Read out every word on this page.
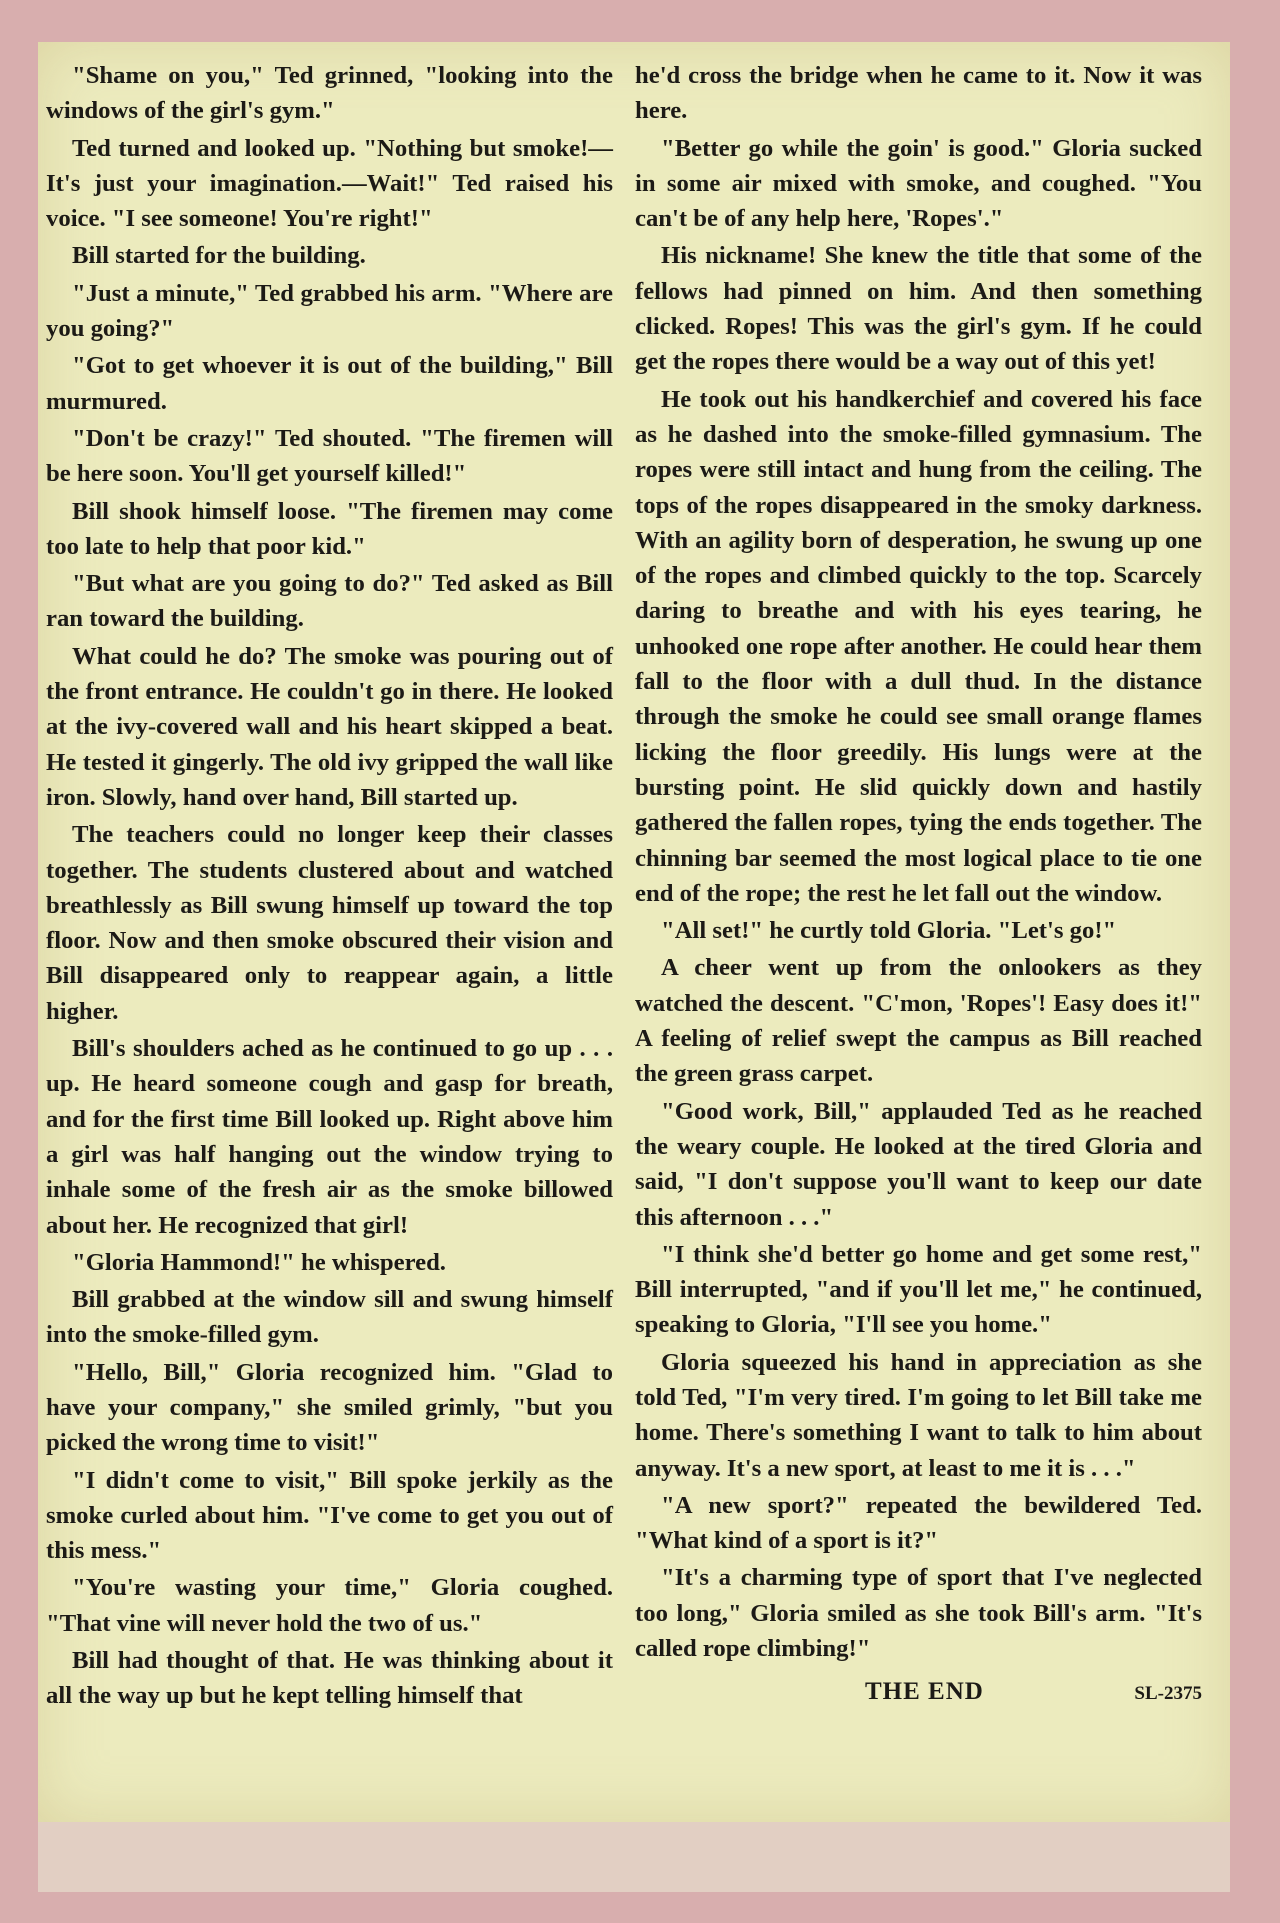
"Shame on you," Ted grinned, "looking into the windows of the girl's gym."

Ted turned and looked up. "Nothing but smoke!—It's just your imagination.—Wait!" Ted raised his voice. "I see someone! You're right!"

Bill started for the building.

"Just a minute," Ted grabbed his arm. "Where are you going?"

"Got to get whoever it is out of the building," Bill murmured.

"Don't be crazy!" Ted shouted. "The firemen will be here soon. You'll get yourself killed!"

Bill shook himself loose. "The firemen may come too late to help that poor kid."

"But what are you going to do?" Ted asked as Bill ran toward the building.

What could he do? The smoke was pouring out of the front entrance. He couldn't go in there. He looked at the ivy-covered wall and his heart skipped a beat. He tested it gingerly. The old ivy gripped the wall like iron. Slowly, hand over hand, Bill started up.

The teachers could no longer keep their classes together. The students clustered about and watched breathlessly as Bill swung himself up toward the top floor. Now and then smoke obscured their vision and Bill disappeared only to reappear again, a little higher.

Bill's shoulders ached as he continued to go up . . . up. He heard someone cough and gasp for breath, and for the first time Bill looked up. Right above him a girl was half hanging out the window trying to inhale some of the fresh air as the smoke billowed about her. He recognized that girl!

"Gloria Hammond!" he whispered.

Bill grabbed at the window sill and swung himself into the smoke-filled gym.

"Hello, Bill," Gloria recognized him. "Glad to have your company," she smiled grimly, "but you picked the wrong time to visit!"

"I didn't come to visit," Bill spoke jerkily as the smoke curled about him. "I've come to get you out of this mess."

"You're wasting your time," Gloria coughed. "That vine will never hold the two of us."

Bill had thought of that. He was thinking about it all the way up but he kept telling himself that

he'd cross the bridge when he came to it. Now it was here.

"Better go while the goin' is good." Gloria sucked in some air mixed with smoke, and coughed. "You can't be of any help here, 'Ropes'."

His nickname! She knew the title that some of the fellows had pinned on him. And then something clicked. Ropes! This was the girl's gym. If he could get the ropes there would be a way out of this yet!

He took out his handkerchief and covered his face as he dashed into the smoke-filled gymnasium. The ropes were still intact and hung from the ceiling. The tops of the ropes disappeared in the smoky darkness. With an agility born of desperation, he swung up one of the ropes and climbed quickly to the top. Scarcely daring to breathe and with his eyes tearing, he unhooked one rope after another. He could hear them fall to the floor with a dull thud. In the distance through the smoke he could see small orange flames licking the floor greedily. His lungs were at the bursting point. He slid quickly down and hastily gathered the fallen ropes, tying the ends together. The chinning bar seemed the most logical place to tie one end of the rope; the rest he let fall out the window.

"All set!" he curtly told Gloria. "Let's go!"

A cheer went up from the onlookers as they watched the descent. "C'mon, 'Ropes'! Easy does it!" A feeling of relief swept the campus as Bill reached the green grass carpet.

"Good work, Bill," applauded Ted as he reached the weary couple. He looked at the tired Gloria and said, "I don't suppose you'll want to keep our date this afternoon . . ."

"I think she'd better go home and get some rest," Bill interrupted, "and if you'll let me," he continued, speaking to Gloria, "I'll see you home."

Gloria squeezed his hand in appreciation as she told Ted, "I'm very tired. I'm going to let Bill take me home. There's something I want to talk to him about anyway. It's a new sport, at least to me it is . . ."

"A new sport?" repeated the bewildered Ted. "What kind of a sport is it?"

"It's a charming type of sport that I've neglected too long," Gloria smiled as she took Bill's arm. "It's called rope climbing!"

THE END	SL-2375
